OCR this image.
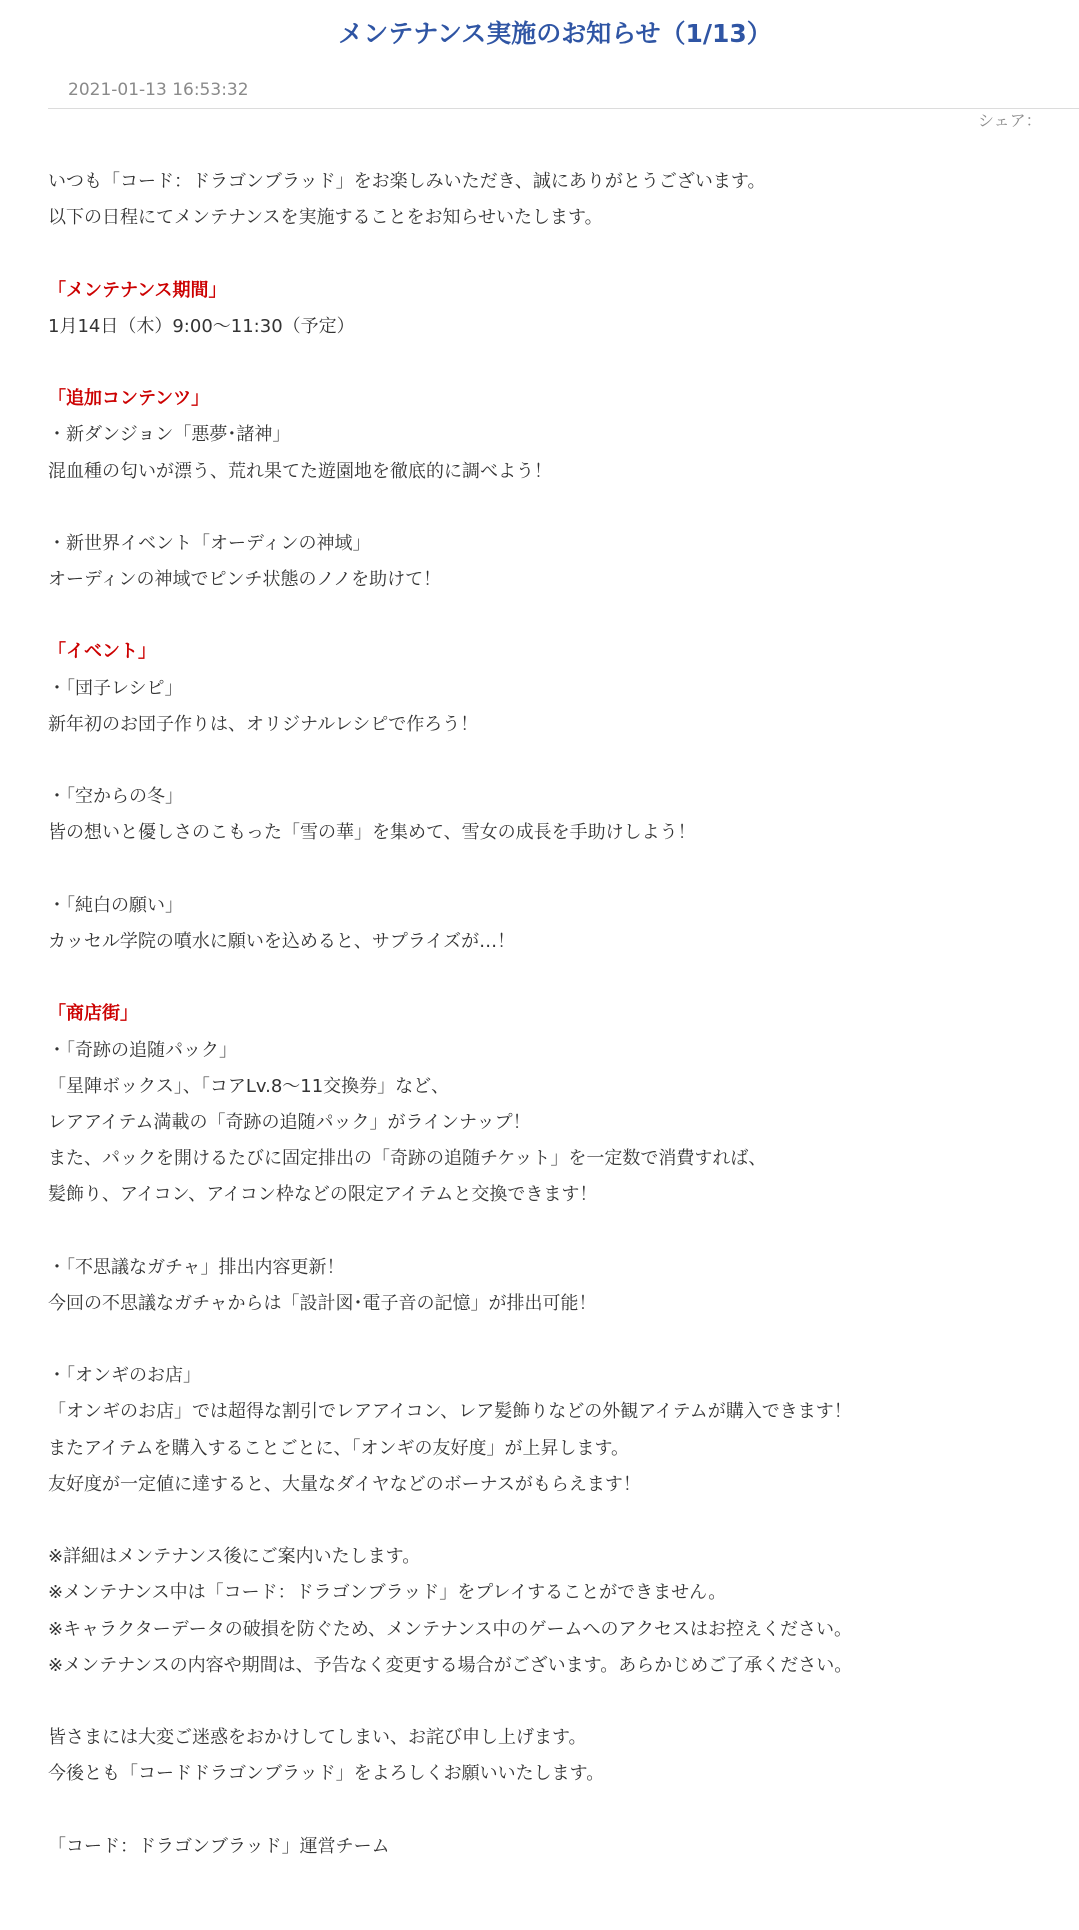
メンテナンス実施のお知らせ（1/13）
2021-01-13 16:53:32
シェア：
いつも「コード：ドラゴンブラッド」をお楽しみいただき、誠にありがとうございます。
以下の日程にてメンテナンスを実施することをお知らせいたします。
「メンテナンス期間」
1月14日（木）9:00～11:30（予定）
「追加コンテンツ」
・新ダンジョン「悪夢･諸神」
混血種の匂いが漂う、荒れ果てた遊園地を徹底的に調べよう！
・新世界イベント「オーディンの神域」
オーディンの神域でピンチ状態のノノを助けて！
「イベント」
・「団子レシピ」
新年初のお団子作りは、オリジナルレシピで作ろう！
・「空からの冬」
皆の想いと優しさのこもった「雪の華」を集めて、雪女の成長を手助けしよう！
・「純白の願い」
カッセル学院の噴水に願いを込めると、サプライズが…！
「商店街」
・「奇跡の追随パック」
「星陣ボックス」、「コアLv.8～11交換券」など、
レアアイテム満載の「奇跡の追随パック」がラインナップ！
また、パックを開けるたびに固定排出の「奇跡の追随チケット」を一定数で消費すれば、
髪飾り、アイコン、アイコン枠などの限定アイテムと交換できます！
・「不思議なガチャ」排出内容更新！
今回の不思議なガチャからは「設計図･電子音の記憶」が排出可能！
・「オンギのお店」
「オンギのお店」では超得な割引でレアアイコン、レア髪飾りなどの外観アイテムが購入できます！
またアイテムを購入することごとに、「オンギの友好度」が上昇します。
友好度が一定値に達すると、大量なダイヤなどのボーナスがもらえます！
※詳細はメンテナンス後にご案内いたします。
※メンテナンス中は「コード：ドラゴンブラッド」をプレイすることができません。
※キャラクターデータの破損を防ぐため、メンテナンス中のゲームへのアクセスはお控えください。
※メンテナンスの内容や期間は、予告なく変更する場合がございます。あらかじめご了承ください。
皆さまには大変ご迷惑をおかけしてしまい、お詫び申し上げます。
今後とも「コードドラゴンブラッド」をよろしくお願いいたします。
「コード：ドラゴンブラッド」運営チーム
